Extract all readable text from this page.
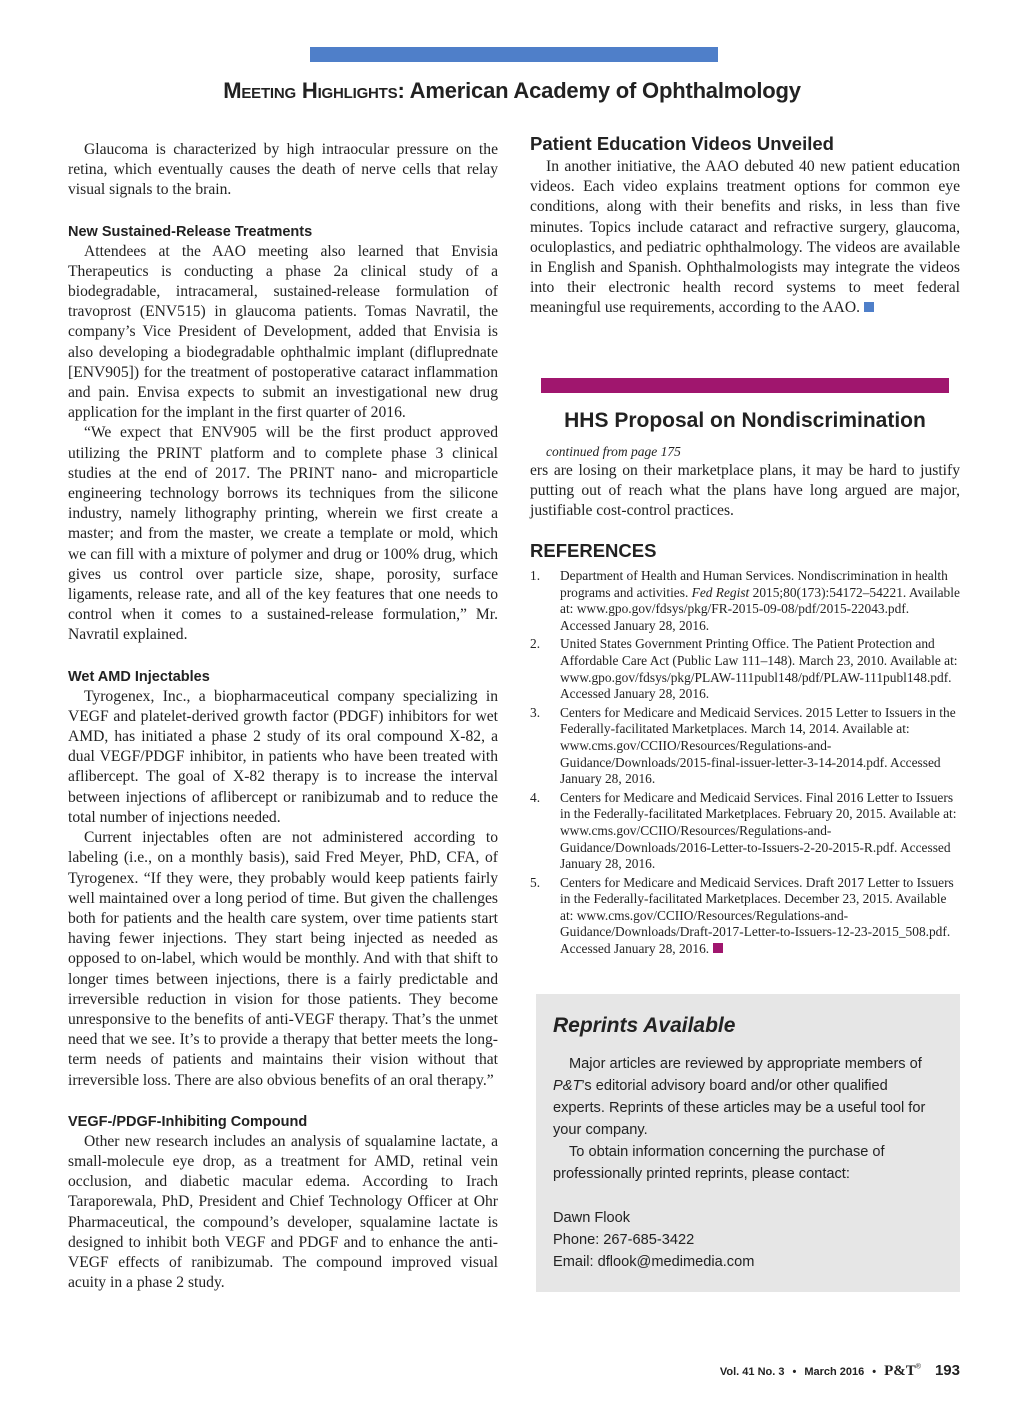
Meeting Highlights: American Academy of Ophthalmology

Glaucoma is characterized by high intraocular pressure on the retina, which eventually causes the death of nerve cells that relay visual signals to the brain.

New Sustained-Release Treatments

Attendees at the AAO meeting also learned that Envisia Therapeutics is conducting a phase 2a clinical study of a biodegradable, intracameral, sustained-release formulation of travoprost (ENV515) in glaucoma patients. Tomas Navratil, the company’s Vice President of Development, added that Envisia is also developing a biodegradable ophthalmic implant (difluprednate [ENV905]) for the treatment of postoperative cataract inflammation and pain. Envisa expects to submit an investigational new drug application for the implant in the first quarter of 2016.

“We expect that ENV905 will be the first product approved utilizing the PRINT platform and to complete phase 3 clinical studies at the end of 2017. The PRINT nano- and microparticle engineering technology borrows its techniques from the silicone industry, namely lithography printing, wherein we first create a master; and from the master, we create a template or mold, which we can fill with a mixture of polymer and drug or 100% drug, which gives us control over particle size, shape, porosity, surface ligaments, release rate, and all of the key features that one needs to control when it comes to a sustained-release formulation,” Mr. Navratil explained.

Wet AMD Injectables

Tyrogenex, Inc., a biopharmaceutical company specializing in VEGF and platelet-derived growth factor (PDGF) inhibitors for wet AMD, has initiated a phase 2 study of its oral compound X-82, a dual VEGF/PDGF inhibitor, in patients who have been treated with aflibercept. The goal of X-82 therapy is to increase the interval between injections of aflibercept or ranibizumab and to reduce the total number of injections needed.

Current injectables often are not administered according to labeling (i.e., on a monthly basis), said Fred Meyer, PhD, CFA, of Tyrogenex. “If they were, they probably would keep patients fairly well maintained over a long period of time. But given the challenges both for patients and the health care system, over time patients start having fewer injections. They start being injected as needed as opposed to on-label, which would be monthly. And with that shift to longer times between injections, there is a fairly predictable and irreversible reduction in vision for those patients. They become unresponsive to the benefits of anti-VEGF therapy. That’s the unmet need that we see. It’s to provide a therapy that better meets the long-term needs of patients and maintains their vision without that irreversible loss. There are also obvious benefits of an oral therapy.”

VEGF-/PDGF-Inhibiting Compound

Other new research includes an analysis of squalamine lactate, a small-molecule eye drop, as a treatment for AMD, retinal vein occlusion, and diabetic macular edema. According to Irach Taraporewala, PhD, President and Chief Technology Officer at Ohr Pharmaceutical, the compound’s developer, squalamine lactate is designed to inhibit both VEGF and PDGF and to enhance the anti-VEGF effects of ranibizumab. The compound improved visual acuity in a phase 2 study.

Patient Education Videos Unveiled

In another initiative, the AAO debuted 40 new patient education videos. Each video explains treatment options for common eye conditions, along with their benefits and risks, in less than five minutes. Topics include cataract and refractive surgery, glaucoma, oculoplastics, and pediatric ophthalmology. The videos are available in English and Spanish. Ophthalmologists may integrate the videos into their electronic health record systems to meet federal meaningful use requirements, according to the AAO.

HHS Proposal on Nondiscrimination

continued from page 175

ers are losing on their marketplace plans, it may be hard to justify putting out of reach what the plans have long argued are major, justifiable cost-control practices.

REFERENCES
1.	Department of Health and Human Services. Nondiscrimination in health programs and activities. Fed Regist 2015;80(173):54172–54221. Available at: www.gpo.gov/fdsys/pkg/FR-2015-09-08/pdf/2015-22043.pdf. Accessed January 28, 2016.
2.	United States Government Printing Office. The Patient Protection and Affordable Care Act (Public Law 111–148). March 23, 2010. Available at: www.gpo.gov/fdsys/pkg/PLAW-111publ148/pdf/PLAW-111publ148.pdf. Accessed January 28, 2016.
3.	Centers for Medicare and Medicaid Services. 2015 Letter to Issuers in the Federally-facilitated Marketplaces. March 14, 2014. Available at: www.cms.gov/CCIIO/Resources/Regulations-and-Guidance/Downloads/2015-final-issuer-letter-3-14-2014.pdf. Accessed January 28, 2016.
4.	Centers for Medicare and Medicaid Services. Final 2016 Letter to Issuers in the Federally-facilitated Marketplaces. February 20, 2015. Available at: www.cms.gov/CCIIO/Resources/Regulations-and-Guidance/Downloads/2016-Letter-to-Issuers-2-20-2015-R.pdf. Accessed January 28, 2016.
5.	Centers for Medicare and Medicaid Services. Draft 2017 Letter to Issuers in the Federally-facilitated Marketplaces. December 23, 2015. Available at: www.cms.gov/CCIIO/Resources/Regulations-and-Guidance/Downloads/Draft-2017-Letter-to-Issuers-12-23-2015_508.pdf. Accessed January 28, 2016.
Reprints Available

Major articles are reviewed by appropriate members of P&T’s editorial advisory board and/or other qualified experts. Reprints of these articles may be a useful tool for your company.

To obtain information concerning the purchase of professionally printed reprints, please contact:

Dawn Flook
Phone: 267-685-3422
Email: dflook@medimedia.com
Vol. 41 No. 3 • March 2016 • P&T® 193
